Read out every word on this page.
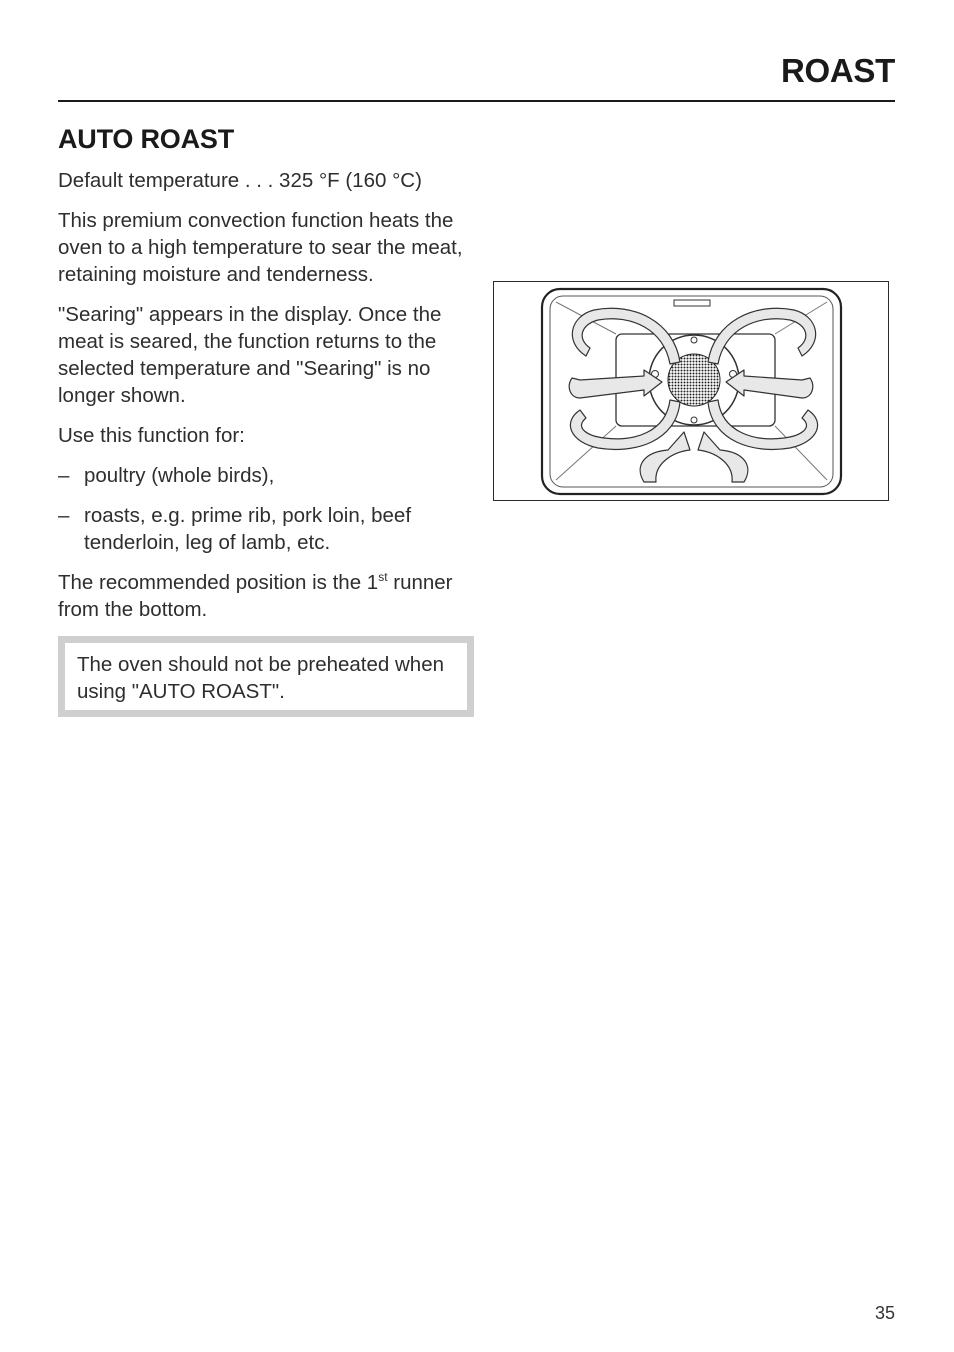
ROAST
AUTO ROAST

Default temperature . . . 325 °F (160 °C)

This premium convection function heats the oven to a high temperature to sear the meat, retaining moisture and tenderness.

"Searing" appears in the display. Once the meat is seared, the function returns to the selected temperature and "Searing" is no longer shown.

Use this function for:

– poultry (whole birds),
– roasts, e.g. prime rib, pork loin, beef tenderloin, leg of lamb, etc.

The recommended position is the 1st runner from the bottom.

The oven should not be preheated when using "AUTO ROAST".

35
